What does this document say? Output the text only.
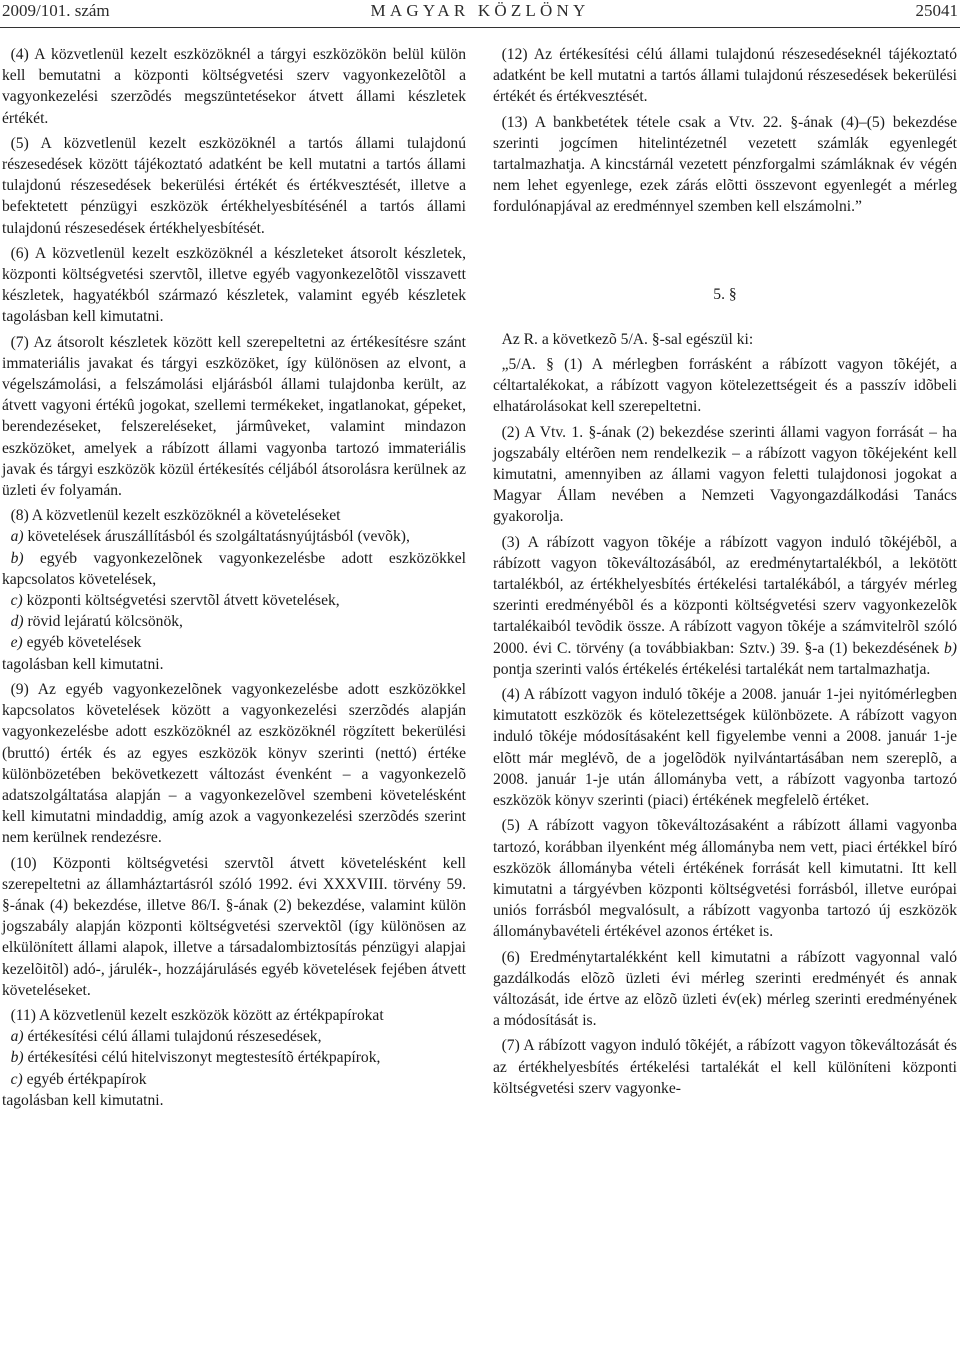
2009/101. szám	MAGYAR KÖZLÖNY	25041

(4) A közvetlenül kezelt eszközöknél a tárgyi eszközökön belül külön kell bemutatni a központi költségvetési szerv vagyonkezelõtõl a vagyonkezelési szerzõdés megszüntetésekor átvett állami készletek értékét.

(5) A közvetlenül kezelt eszközöknél a tartós állami tulajdonú részesedések között tájékoztató adatként be kell mutatni a tartós állami tulajdonú részesedések bekerülési értékét és értékvesztését, illetve a befektetett pénzügyi eszközök értékhelyesbítésénél a tartós állami tulajdonú részesedések értékhelyesbítését.

(6) A közvetlenül kezelt eszközöknél a készleteket átsorolt készletek, központi költségvetési szervtõl, illetve egyéb vagyonkezelõtõl visszavett készletek, hagyatékból származó készletek, valamint egyéb készletek tagolásban kell kimutatni.

(7) Az átsorolt készletek között kell szerepeltetni az értékesítésre szánt immateriális javakat és tárgyi eszközöket, így különösen az elvont, a végelszámolási, a felszámolási eljárásból állami tulajdonba került, az átvett vagyoni értékû jogokat, szellemi termékeket, ingatlanokat, gépeket, berendezéseket, felszereléseket, jármûveket, valamint mindazon eszközöket, amelyek a rábízott állami vagyonba tartozó immateriális javak és tárgyi eszközök közül értékesítés céljából átsorolásra kerülnek az üzleti év folyamán.

(8) A közvetlenül kezelt eszközöknél a követeléseket

a) követelések áruszállításból és szolgáltatásnyújtásból (vevõk),

b) egyéb vagyonkezelõnek vagyonkezelésbe adott eszközökkel kapcsolatos követelések,

c) központi költségvetési szervtõl átvett követelések,

d) rövid lejáratú kölcsönök,

e) egyéb követelések

tagolásban kell kimutatni.

(9) Az egyéb vagyonkezelõnek vagyonkezelésbe adott eszközökkel kapcsolatos követelések között a vagyonkezelési szerzõdés alapján vagyonkezelésbe adott eszközöknél az eszközöknél rögzített bekerülési (bruttó) érték és az egyes eszközök könyv szerinti (nettó) értéke különbözetében bekövetkezett változást évenként – a vagyonkezelõ adatszolgáltatása alapján – a vagyonkezelõvel szembeni követelésként kell kimutatni mindaddig, amíg azok a vagyonkezelési szerzõdés szerint nem kerülnek rendezésre.

(10) Központi költségvetési szervtõl átvett követelésként kell szerepeltetni az államháztartásról szóló 1992. évi XXXVIII. törvény 59. §-ának (4) bekezdése, illetve 86/I. §-ának (2) bekezdése, valamint külön jogszabály alapján központi költségvetési szervektõl (így különösen az elkülönített állami alapok, illetve a társadalombiztosítás pénzügyi alapjai kezelõitõl) adó-, járulék-, hozzájárulásés egyéb követelések fejében átvett követeléseket.

(11) A közvetlenül kezelt eszközök között az értékpapírokat

a) értékesítési célú állami tulajdonú részesedések,

b) értékesítési célú hitelviszonyt megtestesítõ értékpapírok,

c) egyéb értékpapírok

tagolásban kell kimutatni.

(12) Az értékesítési célú állami tulajdonú részesedéseknél tájékoztató adatként be kell mutatni a tartós állami tulajdonú részesedések bekerülési értékét és értékvesztését.

(13) A bankbetétek tétele csak a Vtv. 22. §-ának (4)–(5) bekezdése szerinti jogcímen hitelintézetnél vezetett számlák egyenlegét tartalmazhatja. A kincstárnál vezetett pénzforgalmi számláknak év végén nem lehet egyenlege, ezek zárás elõtti összevont egyenlegét a mérleg fordulónapjával az eredménnyel szemben kell elszámolni.”

5. §

Az R. a következõ 5/A. §-sal egészül ki:

„5/A. § (1) A mérlegben forrásként a rábízott vagyon tõkéjét, a céltartalékokat, a rábízott vagyon kötelezettségeit és a passzív idõbeli elhatárolásokat kell szerepeltetni.

(2) A Vtv. 1. §-ának (2) bekezdése szerinti állami vagyon forrását – ha jogszabály eltérõen nem rendelkezik – a rábízott vagyon tõkéjeként kell kimutatni, amennyiben az állami vagyon feletti tulajdonosi jogokat a Magyar Állam nevében a Nemzeti Vagyongazdálkodási Tanács gyakorolja.

(3) A rábízott vagyon tõkéje a rábízott vagyon induló tõkéjébõl, a rábízott vagyon tõkeváltozásából, az eredménytartalékból, a lekötött tartalékból, az értékhelyesbítés értékelési tartalékából, a tárgyév mérleg szerinti eredményébõl és a központi költségvetési szerv vagyonkezelõk tartalékaiból tevõdik össze. A rábízott vagyon tõkéje a számvitelrõl szóló 2000. évi C. törvény (a továbbiakban: Sztv.) 39. §-a (1) bekezdésének b) pontja szerinti valós értékelés értékelési tartalékát nem tartalmazhatja.

(4) A rábízott vagyon induló tõkéje a 2008. január 1-jei nyitómérlegben kimutatott eszközök és kötelezettségek különbözete. A rábízott vagyon induló tõkéje módosításaként kell figyelembe venni a 2008. január 1-je elõtt már meglévõ, de a jogelõdök nyilvántartásában nem szereplõ, a 2008. január 1-je után állományba vett, a rábízott vagyonba tartozó eszközök könyv szerinti (piaci) értékének megfelelõ értéket.

(5) A rábízott vagyon tõkeváltozásaként a rábízott állami vagyonba tartozó, korábban ilyenként még állományba nem vett, piaci értékkel bíró eszközök állományba vételi értékének forrását kell kimutatni. Itt kell kimutatni a tárgyévben központi költségvetési forrásból, illetve európai uniós forrásból megvalósult, a rábízott vagyonba tartozó új eszközök állománybavételi értékével azonos értéket is.

(6) Eredménytartalékként kell kimutatni a rábízott vagyonnal való gazdálkodás elõzõ üzleti évi mérleg szerinti eredményét és annak változását, ide értve az elõzõ üzleti év(ek) mérleg szerinti eredményének a módosítását is.

(7) A rábízott vagyon induló tõkéjét, a rábízott vagyon tõkeváltozását és az értékhelyesbítés értékelési tartalékát el kell különíteni központi költségvetési szerv vagyonke-
